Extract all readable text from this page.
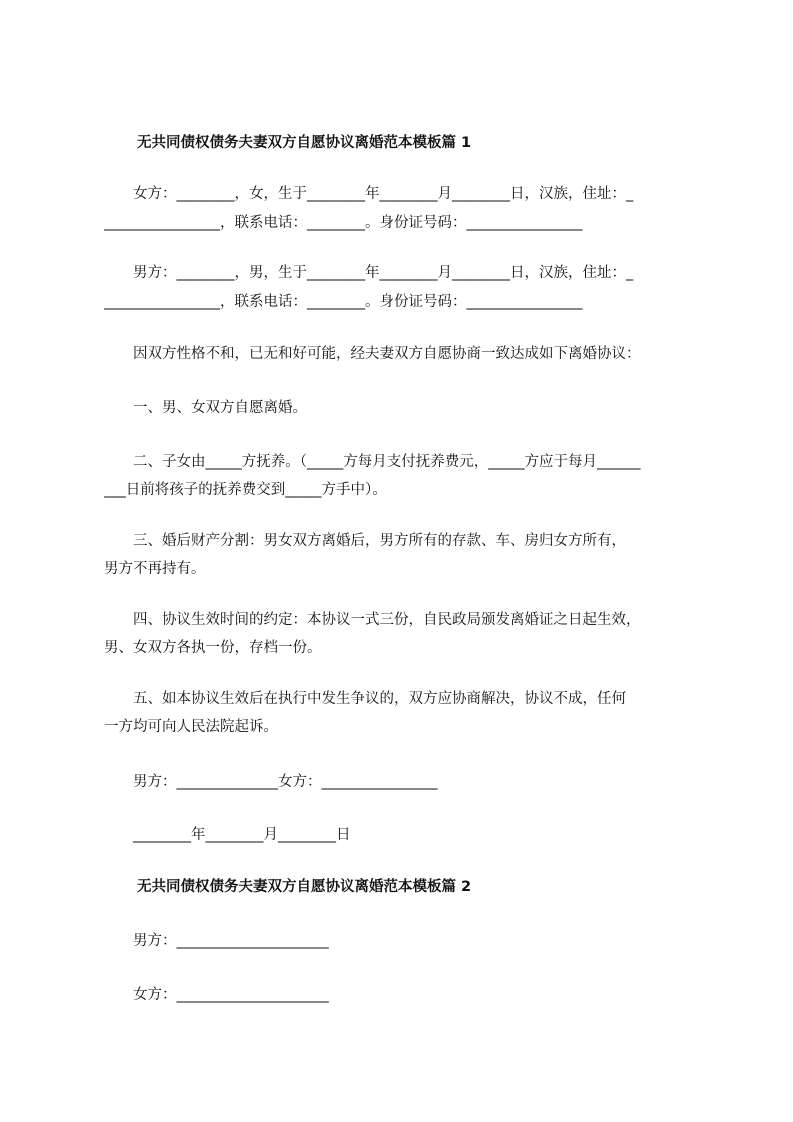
无共同债权债务夫妻双方自愿协议离婚范本模板篇 1
　　女方：________，女，生于________年________月________日，汉族，住址：_
________________，联系电话：________。身份证号码：________________
　　男方：________，男，生于________年________月________日，汉族，住址：_
________________，联系电话：________。身份证号码：________________
　　因双方性格不和，已无和好可能，经夫妻双方自愿协商一致达成如下离婚协议：
　　一、男、女双方自愿离婚。
　　二、子女由_____方抚养。（_____方每月支付抚养费元，_____方应于每月______
___日前将孩子的抚养费交到_____方手中）。
　　三、婚后财产分割：男女双方离婚后，男方所有的存款、车、房归女方所有，
男方不再持有。
　　四、协议生效时间的约定：本协议一式三份，自民政局颁发离婚证之日起生效，
男、女双方各执一份，存档一份。
　　五、如本协议生效后在执行中发生争议的，双方应协商解决，协议不成，任何
一方均可向人民法院起诉。
　　男方：______________女方：________________
　　________年________月________日
无共同债权债务夫妻双方自愿协议离婚范本模板篇 2
　　男方：_____________________
　　女方：_____________________
